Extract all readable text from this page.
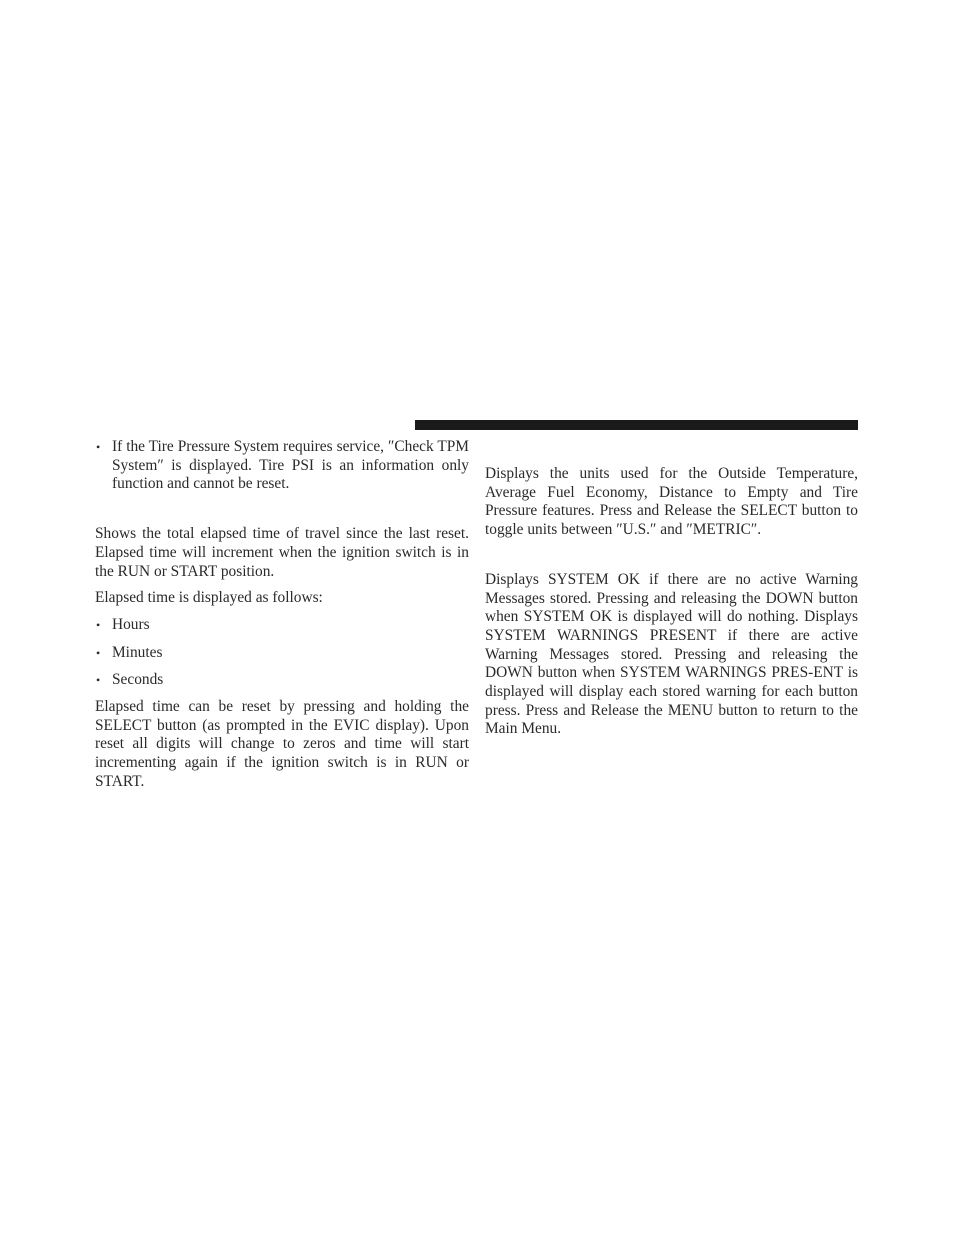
• If the Tire Pressure System requires service, ″Check TPM System″ is displayed. Tire PSI is an information only function and cannot be reset.

Shows the total elapsed time of travel since the last reset. Elapsed time will increment when the ignition switch is in the RUN or START position.

Elapsed time is displayed as follows:

• Hours

• Minutes

• Seconds

Elapsed time can be reset by pressing and holding the SELECT button (as prompted in the EVIC display). Upon reset all digits will change to zeros and time will start incrementing again if the ignition switch is in RUN or START.

Displays the units used for the Outside Temperature, Average Fuel Economy, Distance to Empty and Tire Pressure features. Press and Release the SELECT button to toggle units between ″U.S.″ and ″METRIC″.

Displays SYSTEM OK if there are no active Warning Messages stored. Pressing and releasing the DOWN button when SYSTEM OK is displayed will do nothing. Displays SYSTEM WARNINGS PRESENT if there are active Warning Messages stored. Pressing and releasing the DOWN button when SYSTEM WARNINGS PRES-ENT is displayed will display each stored warning for each button press. Press and Release the MENU button to return to the Main Menu.
